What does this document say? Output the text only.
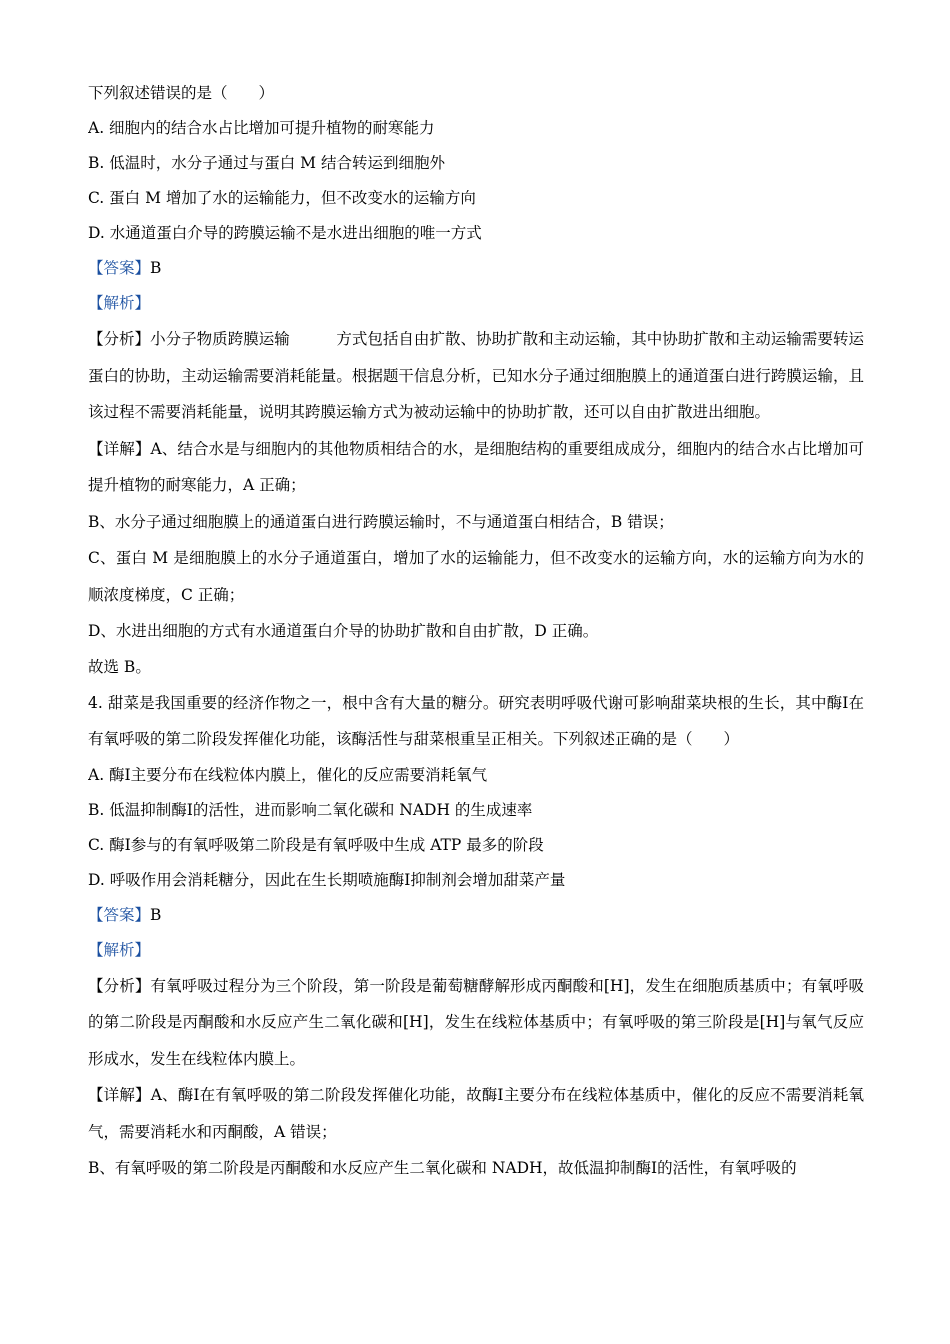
下列叙述错误的是（　　）
A. 细胞内的结合水占比增加可提升植物的耐寒能力
B. 低温时，水分子通过与蛋白 M 结合转运到细胞外
C. 蛋白 M 增加了水的运输能力，但不改变水的运输方向
D. 水通道蛋白介导的跨膜运输不是水进出细胞的唯一方式
【答案】B
【解析】
【分析】小分子物质跨膜运输　　　方式包括自由扩散、协助扩散和主动运输，其中协助扩散和主动运输需要转运蛋白的协助，主动运输需要消耗能量。根据题干信息分析，已知水分子通过细胞膜上的通道蛋白进行跨膜运输，且该过程不需要消耗能量，说明其跨膜运输方式为被动运输中的协助扩散，还可以自由扩散进出细胞。
【详解】A、结合水是与细胞内的其他物质相结合的水，是细胞结构的重要组成成分，细胞内的结合水占比增加可提升植物的耐寒能力，A 正确；
B、水分子通过细胞膜上的通道蛋白进行跨膜运输时，不与通道蛋白相结合，B 错误；
C、蛋白 M 是细胞膜上的水分子通道蛋白，增加了水的运输能力，但不改变水的运输方向，水的运输方向为水的顺浓度梯度，C 正确；
D、水进出细胞的方式有水通道蛋白介导的协助扩散和自由扩散，D 正确。
故选 B。
4. 甜菜是我国重要的经济作物之一，根中含有大量的糖分。研究表明呼吸代谢可影响甜菜块根的生长，其中酶Ⅰ在有氧呼吸的第二阶段发挥催化功能，该酶活性与甜菜根重呈正相关。下列叙述正确的是（　　）
A. 酶Ⅰ主要分布在线粒体内膜上，催化的反应需要消耗氧气
B. 低温抑制酶Ⅰ的活性，进而影响二氧化碳和 NADH 的生成速率
C. 酶Ⅰ参与的有氧呼吸第二阶段是有氧呼吸中生成 ATP 最多的阶段
D. 呼吸作用会消耗糖分，因此在生长期喷施酶Ⅰ抑制剂会增加甜菜产量
【答案】B
【解析】
【分析】有氧呼吸过程分为三个阶段，第一阶段是葡萄糖酵解形成丙酮酸和[H]，发生在细胞质基质中；有氧呼吸的第二阶段是丙酮酸和水反应产生二氧化碳和[H]，发生在线粒体基质中；有氧呼吸的第三阶段是[H]与氧气反应形成水，发生在线粒体内膜上。
【详解】A、酶Ⅰ在有氧呼吸的第二阶段发挥催化功能，故酶Ⅰ主要分布在线粒体基质中，催化的反应不需要消耗氧气，需要消耗水和丙酮酸，A 错误；
B、有氧呼吸的第二阶段是丙酮酸和水反应产生二氧化碳和 NADH，故低温抑制酶Ⅰ的活性，有氧呼吸的
